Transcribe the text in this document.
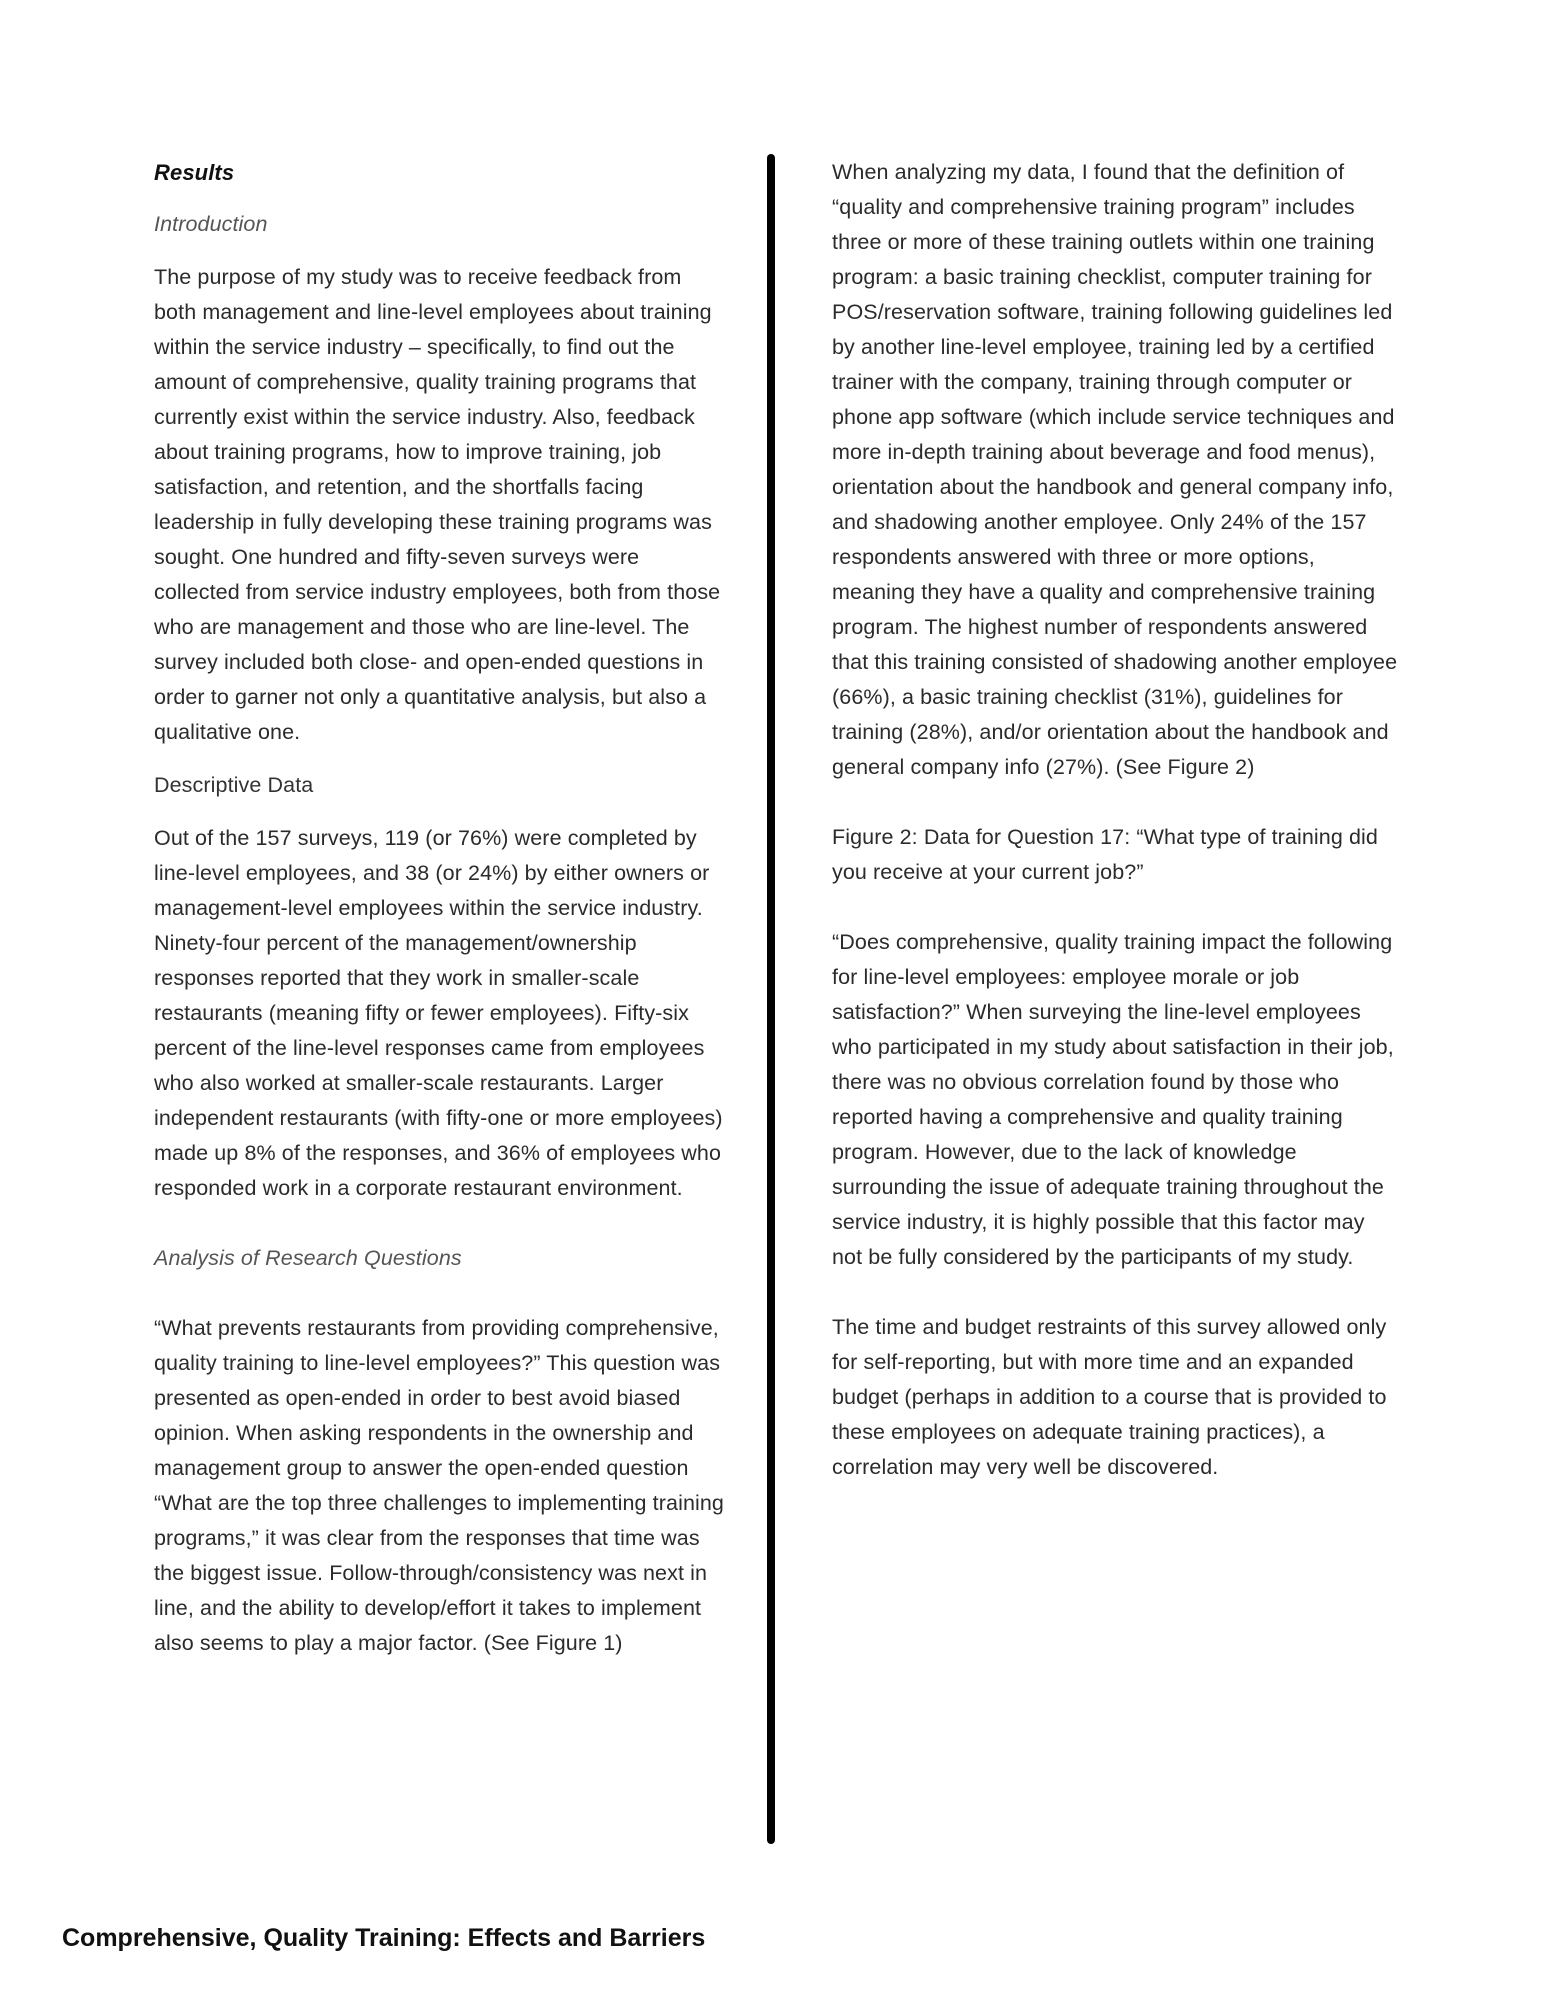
Results
Introduction

The purpose of my study was to receive feedback from both management and line-level employees about training within the service industry – specifically, to find out the amount of comprehensive, quality training programs that currently exist within the service industry. Also, feedback about training programs, how to improve training, job satisfaction, and retention, and the shortfalls facing leadership in fully developing these training programs was sought. One hundred and fifty-seven surveys were collected from service industry employees, both from those who are management and those who are line-level. The survey included both close- and open-ended questions in order to garner not only a quantitative analysis, but also a qualitative one.

Descriptive Data

Out of the 157 surveys, 119 (or 76%) were completed by line-level employees, and 38 (or 24%) by either owners or management-level employees within the service industry. Ninety-four percent of the management/ownership responses reported that they work in smaller-scale restaurants (meaning fifty or fewer employees). Fifty-six percent of the line-level responses came from employees who also worked at smaller-scale restaurants. Larger independent restaurants (with fifty-one or more employees) made up 8% of the responses, and 36% of employees who responded work in a corporate restaurant environment.

Analysis of Research Questions

“What prevents restaurants from providing comprehensive, quality training to line-level employees?” This question was presented as open-ended in order to best avoid biased opinion. When asking respondents in the ownership and management group to answer the open-ended question “What are the top three challenges to implementing training programs,” it was clear from the responses that time was the biggest issue. Follow-through/consistency was next in line, and the ability to develop/effort it takes to implement also seems to play a major factor. (See Figure 1)

When analyzing my data, I found that the definition of “quality and comprehensive training program” includes three or more of these training outlets within one training program: a basic training checklist, computer training for POS/reservation software, training following guidelines led by another line-level employee, training led by a certified trainer with the company, training through computer or phone app software (which include service techniques and more in-depth training about beverage and food menus), orientation about the handbook and general company info, and shadowing another employee. Only 24% of the 157 respondents answered with three or more options, meaning they have a quality and comprehensive training program. The highest number of respondents answered that this training consisted of shadowing another employee (66%), a basic training checklist (31%), guidelines for training (28%), and/or orientation about the handbook and general company info (27%). (See Figure 2)

Figure 2: Data for Question 17: “What type of training did you receive at your current job?”

“Does comprehensive, quality training impact the following for line-level employees: employee morale or job satisfaction?” When surveying the line-level employees who participated in my study about satisfaction in their job, there was no obvious correlation found by those who reported having a comprehensive and quality training program. However, due to the lack of knowledge surrounding the issue of adequate training throughout the service industry, it is highly possible that this factor may not be fully considered by the participants of my study.

The time and budget restraints of this survey allowed only for self-reporting, but with more time and an expanded budget (perhaps in addition to a course that is provided to these employees on adequate training practices), a correlation may very well be discovered.

Comprehensive, Quality Training: Effects and Barriers
